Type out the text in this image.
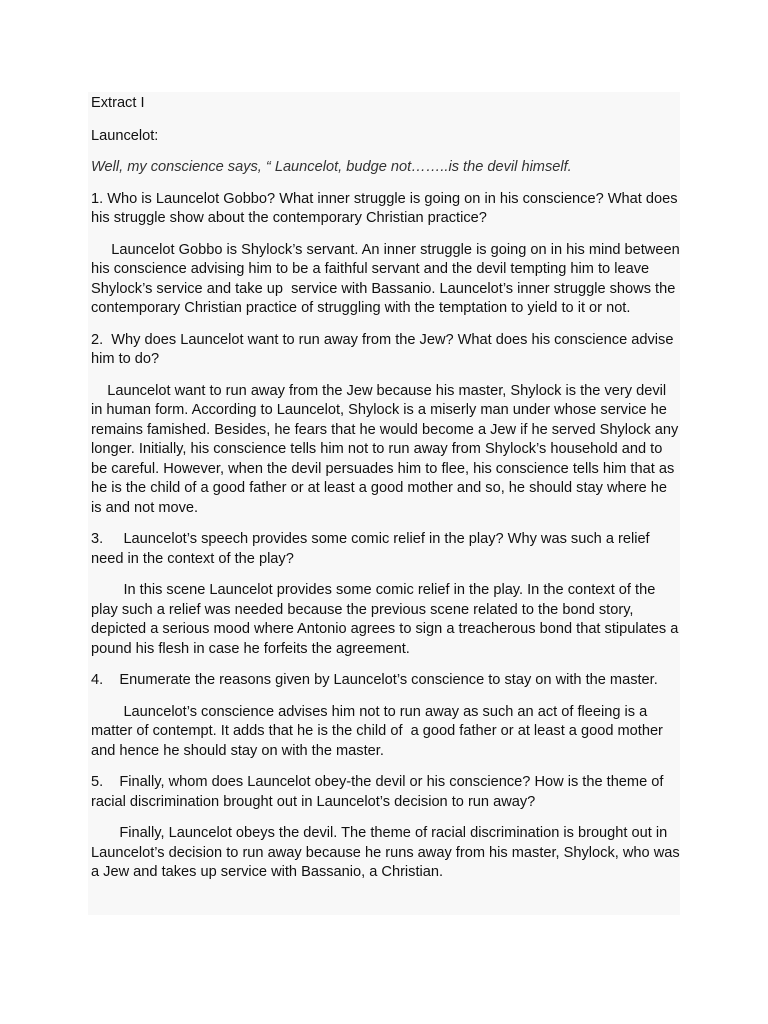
Extract I

Launcelot:

Well, my conscience says, “ Launcelot, budge not……..is the devil himself.

1. Who is Launcelot Gobbo? What inner struggle is going on in his conscience? What does his struggle show about the contemporary Christian practice?

Launcelot Gobbo is Shylock’s servant. An inner struggle is going on in his mind between his conscience advising him to be a faithful servant and the devil tempting him to leave Shylock’s service and take up  service with Bassanio. Launcelot’s inner struggle shows the contemporary Christian practice of struggling with the temptation to yield to it or not.

2.  Why does Launcelot want to run away from the Jew? What does his conscience advise him to do?

Launcelot want to run away from the Jew because his master, Shylock is the very devil in human form. According to Launcelot, Shylock is a miserly man under whose service he remains famished. Besides, he fears that he would become a Jew if he served Shylock any longer. Initially, his conscience tells him not to run away from Shylock’s household and to be careful. However, when the devil persuades him to flee, his conscience tells him that as he is the child of a good father or at least a good mother and so, he should stay where he is and not move.

3.     Launcelot’s speech provides some comic relief in the play? Why was such a relief need in the context of the play?

In this scene Launcelot provides some comic relief in the play. In the context of the play such a relief was needed because the previous scene related to the bond story, depicted a serious mood where Antonio agrees to sign a treacherous bond that stipulates a pound his flesh in case he forfeits the agreement.

4.    Enumerate the reasons given by Launcelot’s conscience to stay on with the master.

Launcelot’s conscience advises him not to run away as such an act of fleeing is a matter of contempt. It adds that he is the child of  a good father or at least a good mother and hence he should stay on with the master.

5.    Finally, whom does Launcelot obey-the devil or his conscience? How is the theme of racial discrimination brought out in Launcelot’s decision to run away?

Finally, Launcelot obeys the devil. The theme of racial discrimination is brought out in Launcelot’s decision to run away because he runs away from his master, Shylock, who was a Jew and takes up service with Bassanio, a Christian.
